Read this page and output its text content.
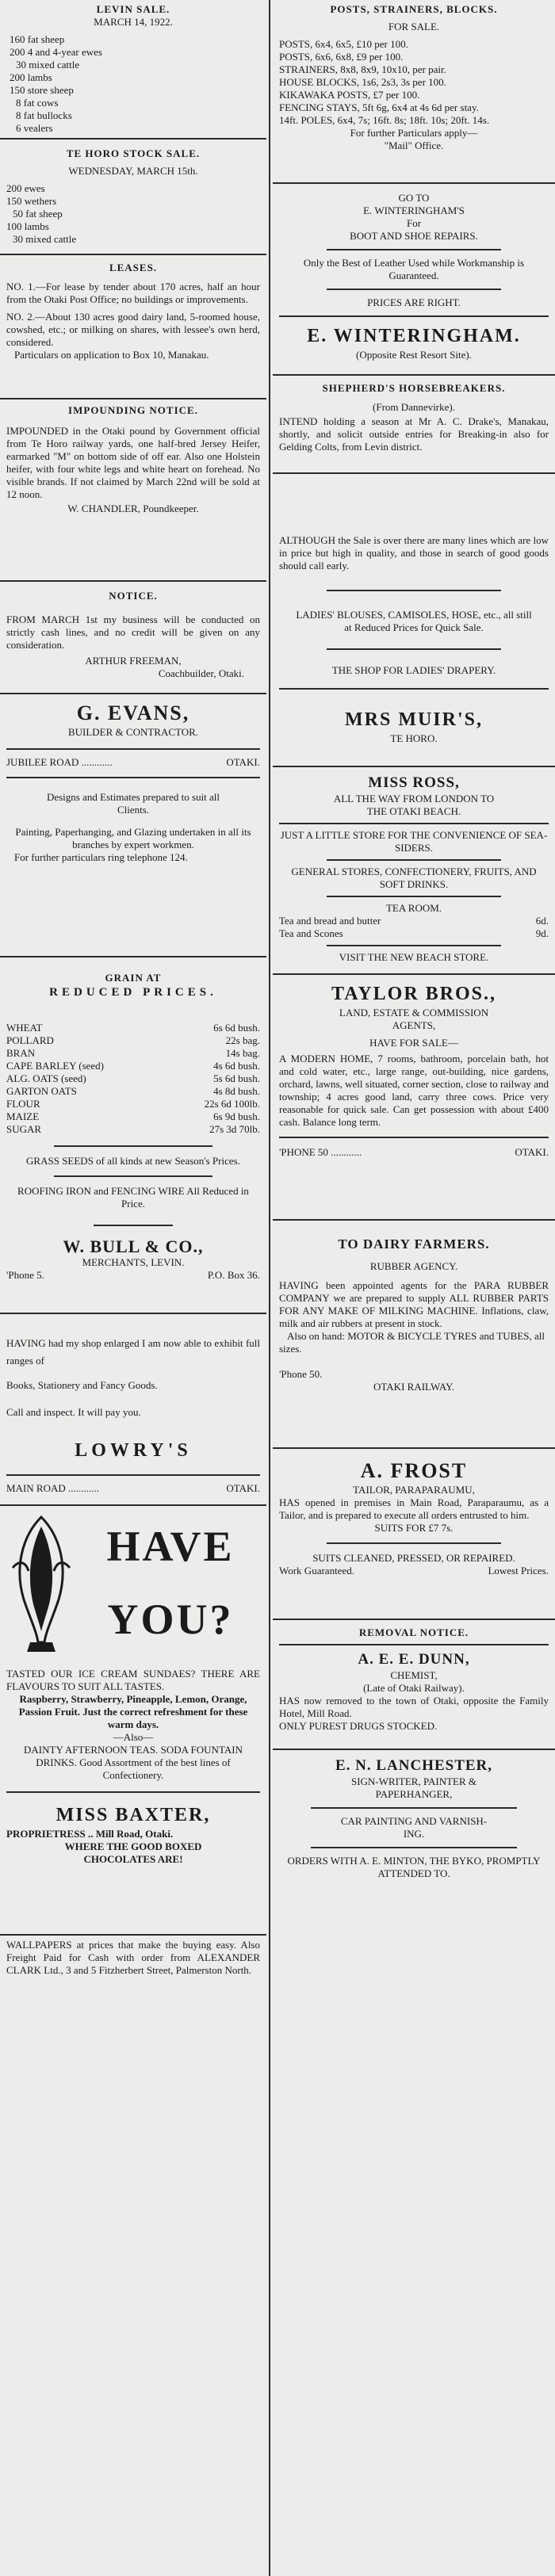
LEVIN SALE.
MARCH 14, 1922.
160 fat sheep
200 4 and 4-year ewes
30 mixed cattle
200 lambs
150 store sheep
8 fat cows
8 fat bullocks
6 vealers
TE HORO STOCK SALE.
WEDNESDAY, MARCH 15th.
200 ewes
150 wethers
50 fat sheep
100 lambs
30 mixed cattle
LEASES.
NO. 1.—For lease by tender about 170 acres, half an hour from the Otaki Post Office; no buildings or improvements.
NO. 2.—About 130 acres good dairy land, 5-roomed house, cowshed, etc.; or milking on shares, with lessee's own herd, considered.
Particulars on application to Box 10, Manakau.
IMPOUNDING NOTICE.
IMPOUNDED in the Otaki pound by Government official from Te Horo railway yards, one half-bred Jersey Heifer, earmarked "M" on bottom side of off ear. Also one Holstein heifer, with four white legs and white heart on forehead. No visible brands. If not claimed by March 22nd will be sold at 12 noon.
W. CHANDLER, Poundkeeper.
NOTICE.
FROM MARCH 1st my business will be conducted on strictly cash lines, and no credit will be given on any consideration.
ARTHUR FREEMAN,
Coachbuilder, Otaki.
G. EVANS,
BUILDER & CONTRACTOR.
JUBILEE ROAD ............	OTAKI.
Designs and Estimates prepared to suit all Clients.
Painting, Paperhanging, and Glazing undertaken in all its branches by expert workmen.
For further particulars ring telephone 124.
GRAIN AT
REDUCED PRICES.
WHEAT	6s 6d bush.
POLLARD	22s bag.
BRAN	14s bag.
CAPE BARLEY (seed)	4s 6d bush.
ALG. OATS (seed)	5s 6d bush.
GARTON OATS	4s 8d bush.
FLOUR	22s 6d 100lb.
MAIZE	6s 9d bush.
SUGAR	27s 3d 70lb.
GRASS SEEDS of all kinds at new Season's Prices.
ROOFING IRON and FENCING WIRE All Reduced in Price.
W. BULL & CO.,
MERCHANTS, LEVIN.
'Phone 5.	P.O. Box 36.
HAVING had my shop enlarged I am now able to exhibit full ranges of
Books, Stationery and Fancy Goods.
Call and inspect. It will pay you.
LOWRY'S
MAIN ROAD ............	OTAKI.
HAVE
YOU?
TASTED OUR ICE CREAM SUNDAES? THERE ARE FLAVOURS TO SUIT ALL TASTES.
Raspberry, Strawberry, Pineapple, Lemon, Orange, Passion Fruit. Just the correct refreshment for these warm days.
—Also—
DAINTY AFTERNOON TEAS. SODA FOUNTAIN DRINKS. Good Assortment of the best lines of Confectionery.
MISS BAXTER,
PROPRIETRESS .. Mill Road, Otaki.
WHERE THE GOOD BOXED CHOCOLATES ARE!
WALLPAPERS at prices that make the buying easy. Also Freight Paid for Cash with order from ALEXANDER CLARK Ltd., 3 and 5 Fitzherbert Street, Palmerston North.
POSTS, STRAINERS, BLOCKS.
FOR SALE.
POSTS, 6x4, 6x5, £10 per 100.
POSTS, 6x6, 6x8, £9 per 100.
STRAINERS, 8x8, 8x9, 10x10, per pair.
HOUSE BLOCKS, 1s6, 2s3, 3s per 100.
KIKAWAKA POSTS, £7 per 100.
FENCING STAYS, 5ft 6g, 6x4 at 4s 6d per stay.
14ft. POLES, 6x4, 7s; 16ft. 8s; 18ft. 10s; 20ft. 14s.
For further Particulars apply—
"Mail" Office.
GO TO
E. WINTERINGHAM'S
For
BOOT AND SHOE REPAIRS.
Only the Best of Leather Used while Workmanship is Guaranteed.
PRICES ARE RIGHT.
E. WINTERINGHAM.
(Opposite Rest Resort Site).
SHEPHERD'S HORSEBREAKERS.
(From Dannevirke).
INTEND holding a season at Mr A. C. Drake's, Manakau, shortly, and solicit outside entries for Breaking-in also for Gelding Colts, from Levin district.
ALTHOUGH the Sale is over there are many lines which are low in price but high in quality, and those in search of good goods should call early.
LADIES' BLOUSES, CAMISOLES, HOSE, etc., all still at Reduced Prices for Quick Sale.
THE SHOP FOR LADIES' DRAPERY.
MRS MUIR'S,
TE HORO.
MISS ROSS,
ALL THE WAY FROM LONDON TO
THE OTAKI BEACH.
JUST A LITTLE STORE FOR THE CONVENIENCE OF SEA-SIDERS.
GENERAL STORES, CONFECTIONERY, FRUITS, AND SOFT DRINKS.
TEA ROOM.
Tea and bread and butter	6d.
Tea and Scones	9d.
VISIT THE NEW BEACH STORE.
TAYLOR BROS.,
LAND, ESTATE & COMMISSION
AGENTS,
HAVE FOR SALE—
A MODERN HOME, 7 rooms, bathroom, porcelain bath, hot and cold water, etc., large range, out-building, nice gardens, orchard, lawns, well situated, corner section, close to railway and township; 4 acres good land, carry three cows. Price very reasonable for quick sale. Can get possession with about £400 cash. Balance long term.
'PHONE 50 ............	OTAKI.
TO DAIRY FARMERS.
RUBBER AGENCY.
HAVING been appointed agents for the PARA RUBBER COMPANY we are prepared to supply ALL RUBBER PARTS FOR ANY MAKE OF MILKING MACHINE. Inflations, claw, milk and air rubbers at present in stock.
Also on hand: MOTOR & BICYCLE TYRES and TUBES, all sizes.
'Phone 50.
OTAKI RAILWAY.
A. FROST
TAILOR, PARAPARAUMU,
HAS opened in premises in Main Road, Paraparaumu, as a Tailor, and is prepared to execute all orders entrusted to him.
SUITS FOR £7 7s.
SUITS CLEANED, PRESSED, OR REPAIRED.
Work Guaranteed.	Lowest Prices.
REMOVAL NOTICE.
A. E. E. DUNN,
CHEMIST,
(Late of Otaki Railway).
HAS now removed to the town of Otaki, opposite the Family Hotel, Mill Road.
ONLY PUREST DRUGS STOCKED.
E. N. LANCHESTER,
SIGN-WRITER, PAINTER &
PAPERHANGER,
CAR PAINTING AND VARNISH-
ING.
ORDERS WITH A. E. MINTON, THE BYKO, PROMPTLY ATTENDED TO.
